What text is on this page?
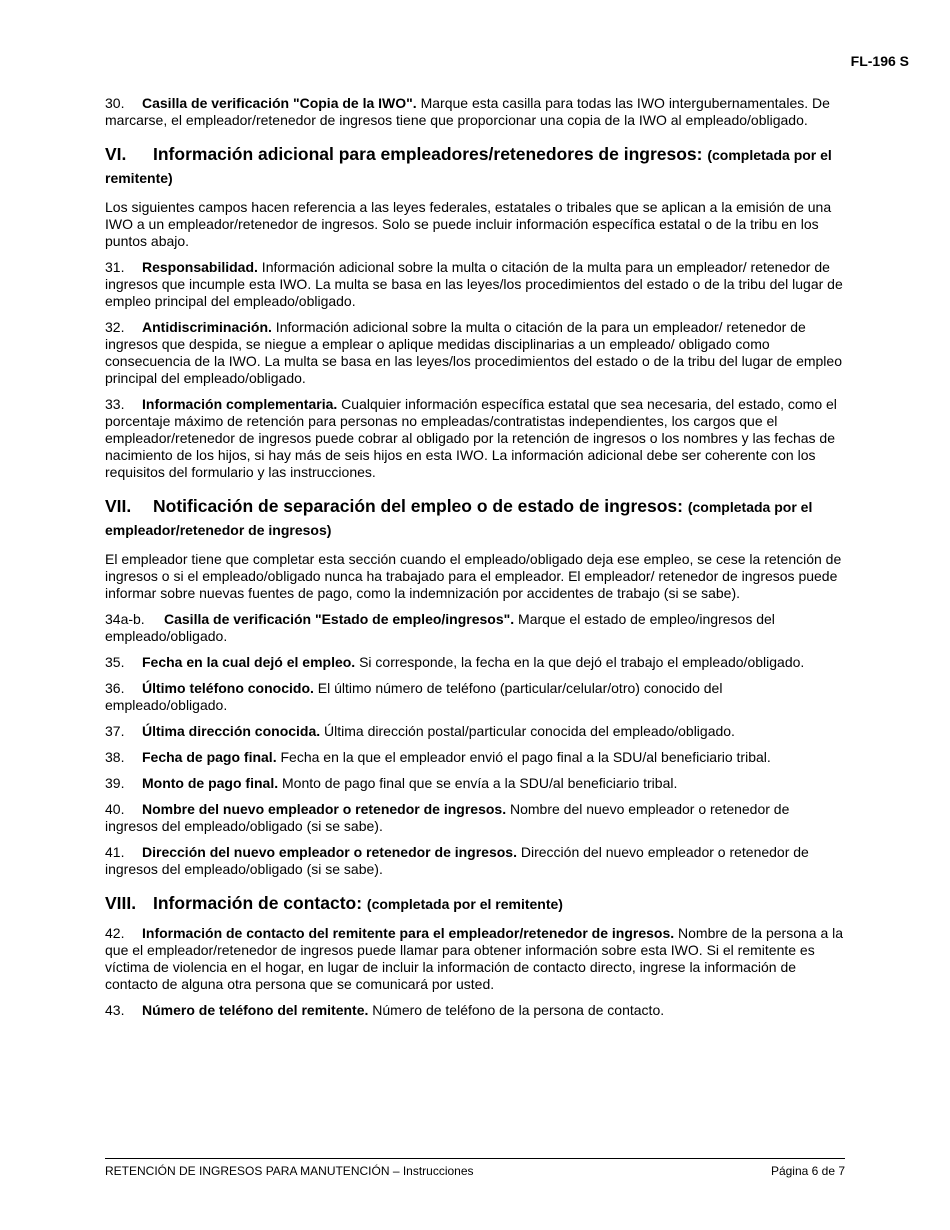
FL-196 S

30. Casilla de verificación "Copia de la IWO". Marque esta casilla para todas las IWO intergubernamentales. De marcarse, el empleador/retenedor de ingresos tiene que proporcionar una copia de la IWO al empleado/obligado.

VI. Información adicional para empleadores/retenedores de ingresos: (completada por el remitente)

Los siguientes campos hacen referencia a las leyes federales, estatales o tribales que se aplican a la emisión de una IWO a un empleador/retenedor de ingresos. Solo se puede incluir información específica estatal o de la tribu en los puntos abajo.

31. Responsabilidad. Información adicional sobre la multa o citación de la multa para un empleador/ retenedor de ingresos que incumple esta IWO. La multa se basa en las leyes/los procedimientos del estado o de la tribu del lugar de empleo principal del empleado/obligado.

32. Antidiscriminación. Información adicional sobre la multa o citación de la para un empleador/ retenedor de ingresos que despida, se niegue a emplear o aplique medidas disciplinarias a un empleado/ obligado como consecuencia de la IWO. La multa se basa en las leyes/los procedimientos del estado o de la tribu del lugar de empleo principal del empleado/obligado.

33. Información complementaria. Cualquier información específica estatal que sea necesaria, del estado, como el porcentaje máximo de retención para personas no empleadas/contratistas independientes, los cargos que el empleador/retenedor de ingresos puede cobrar al obligado por la retención de ingresos o los nombres y las fechas de nacimiento de los hijos, si hay más de seis hijos en esta IWO. La información adicional debe ser coherente con los requisitos del formulario y las instrucciones.

VII. Notificación de separación del empleo o de estado de ingresos: (completada por el empleador/retenedor de ingresos)

El empleador tiene que completar esta sección cuando el empleado/obligado deja ese empleo, se cese la retención de ingresos o si el empleado/obligado nunca ha trabajado para el empleador. El empleador/ retenedor de ingresos puede informar sobre nuevas fuentes de pago, como la indemnización por accidentes de trabajo (si se sabe).

34a-b. Casilla de verificación "Estado de empleo/ingresos". Marque el estado de empleo/ingresos del empleado/obligado.

35. Fecha en la cual dejó el empleo. Si corresponde, la fecha en la que dejó el trabajo el empleado/obligado.

36. Último teléfono conocido. El último número de teléfono (particular/celular/otro) conocido del empleado/obligado.

37. Última dirección conocida. Última dirección postal/particular conocida del empleado/obligado.

38. Fecha de pago final. Fecha en la que el empleador envió el pago final a la SDU/al beneficiario tribal.

39. Monto de pago final. Monto de pago final que se envía a la SDU/al beneficiario tribal.

40. Nombre del nuevo empleador o retenedor de ingresos. Nombre del nuevo empleador o retenedor de ingresos del empleado/obligado (si se sabe).

41. Dirección del nuevo empleador o retenedor de ingresos. Dirección del nuevo empleador o retenedor de ingresos del empleado/obligado (si se sabe).

VIII. Información de contacto: (completada por el remitente)

42. Información de contacto del remitente para el empleador/retenedor de ingresos. Nombre de la persona a la que el empleador/retenedor de ingresos puede llamar para obtener información sobre esta IWO. Si el remitente es víctima de violencia en el hogar, en lugar de incluir la información de contacto directo, ingrese la información de contacto de alguna otra persona que se comunicará por usted.

43. Número de teléfono del remitente. Número de teléfono de la persona de contacto.

RETENCIÓN DE INGRESOS PARA MANUTENCIÓN – Instrucciones	Página 6 de 7
